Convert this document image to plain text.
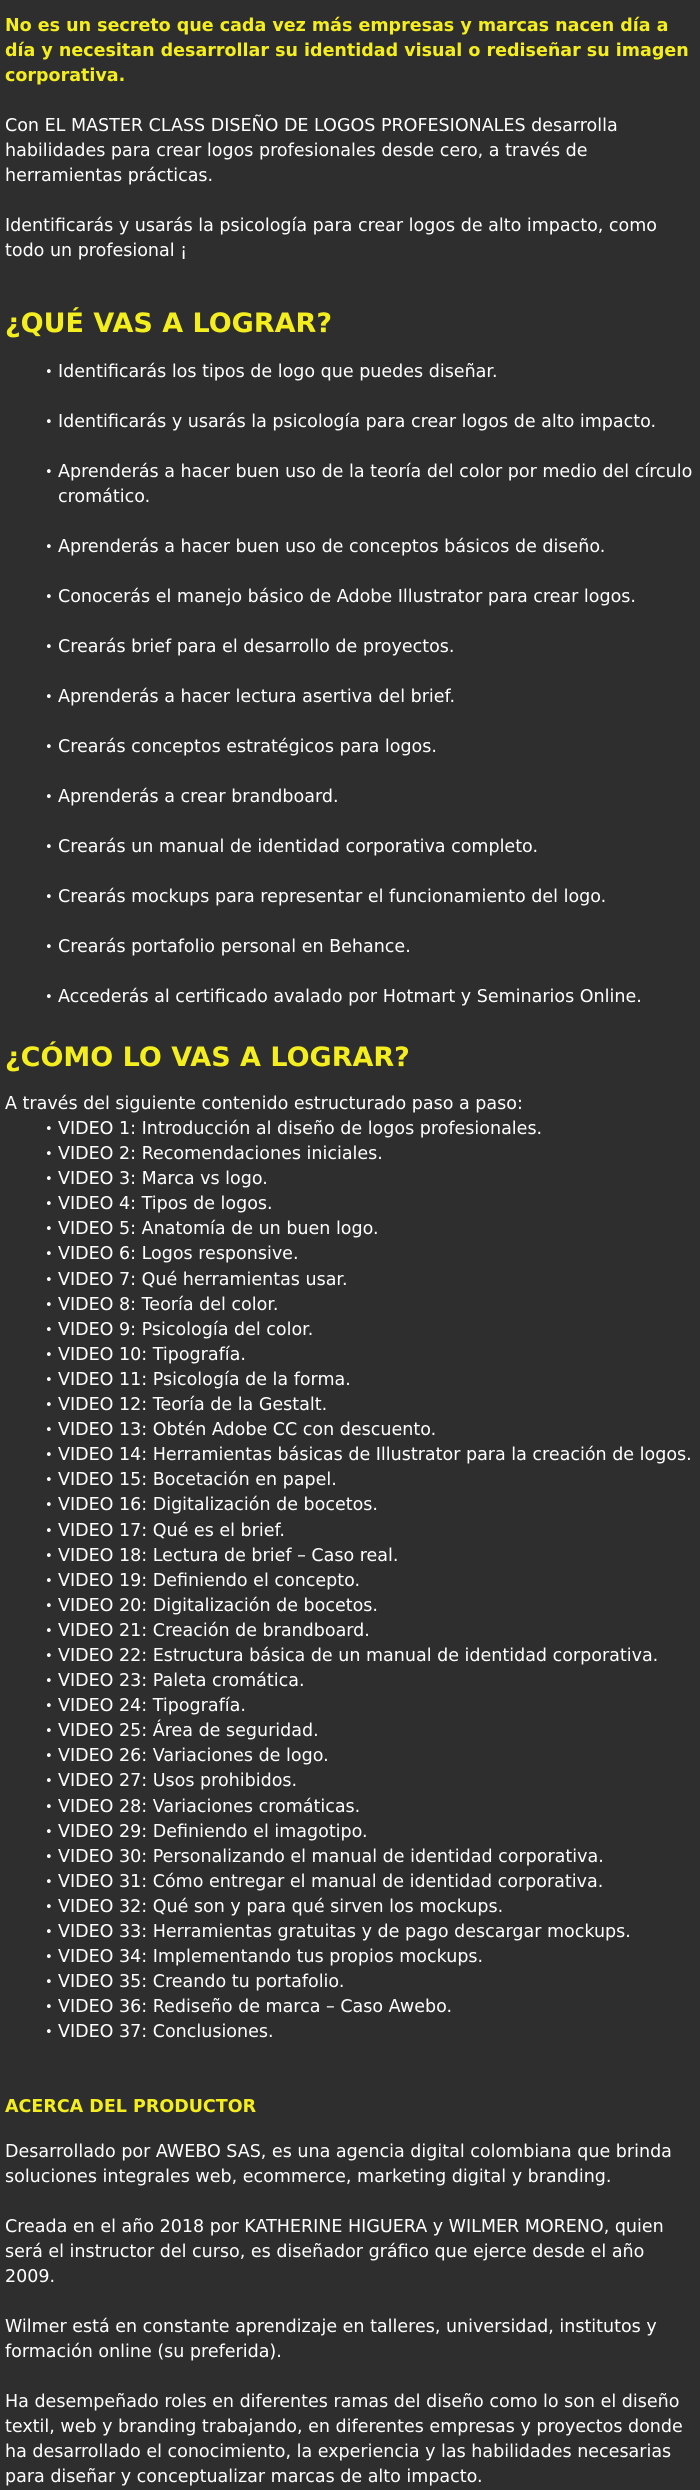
No es un secreto que cada vez más empresas y marcas nacen día a día y necesitan desarrollar su identidad visual o rediseñar su imagen corporativa.

Con EL MASTER CLASS DISEÑO DE LOGOS PROFESIONALES desarrolla habilidades para crear logos profesionales desde cero, a través de herramientas prácticas.

Identificarás y usarás la psicología para crear logos de alto impacto, como todo un profesional ¡

¿QUÉ VAS A LOGRAR?
• Identificarás los tipos de logo que puedes diseñar.
• Identificarás y usarás la psicología para crear logos de alto impacto.
• Aprenderás a hacer buen uso de la teoría del color por medio del círculo cromático.
• Aprenderás a hacer buen uso de conceptos básicos de diseño.
• Conocerás el manejo básico de Adobe Illustrator para crear logos.
• Crearás brief para el desarrollo de proyectos.
• Aprenderás a hacer lectura asertiva del brief.
• Crearás conceptos estratégicos para logos.
• Aprenderás a crear brandboard.
• Crearás un manual de identidad corporativa completo.
• Crearás mockups para representar el funcionamiento del logo.
• Crearás portafolio personal en Behance.
• Accederás al certificado avalado por Hotmart y Seminarios Online.
¿CÓMO LO VAS A LOGRAR?

A través del siguiente contenido estructurado paso a paso:

• VIDEO 1: Introducción al diseño de logos profesionales.
• VIDEO 2: Recomendaciones iniciales.
• VIDEO 3: Marca vs logo.
• VIDEO 4: Tipos de logos.
• VIDEO 5: Anatomía de un buen logo.
• VIDEO 6: Logos responsive.
• VIDEO 7: Qué herramientas usar.
• VIDEO 8: Teoría del color.
• VIDEO 9: Psicología del color.
• VIDEO 10: Tipografía.
• VIDEO 11: Psicología de la forma.
• VIDEO 12: Teoría de la Gestalt.
• VIDEO 13: Obtén Adobe CC con descuento.
• VIDEO 14: Herramientas básicas de Illustrator para la creación de logos.
• VIDEO 15: Bocetación en papel.
• VIDEO 16: Digitalización de bocetos.
• VIDEO 17: Qué es el brief.
• VIDEO 18: Lectura de brief – Caso real.
• VIDEO 19: Definiendo el concepto.
• VIDEO 20: Digitalización de bocetos.
• VIDEO 21: Creación de brandboard.
• VIDEO 22: Estructura básica de un manual de identidad corporativa.
• VIDEO 23: Paleta cromática.
• VIDEO 24: Tipografía.
• VIDEO 25: Área de seguridad.
• VIDEO 26: Variaciones de logo.
• VIDEO 27: Usos prohibidos.
• VIDEO 28: Variaciones cromáticas.
• VIDEO 29: Definiendo el imagotipo.
• VIDEO 30: Personalizando el manual de identidad corporativa.
• VIDEO 31: Cómo entregar el manual de identidad corporativa.
• VIDEO 32: Qué son y para qué sirven los mockups.
• VIDEO 33: Herramientas gratuitas y de pago descargar mockups.
• VIDEO 34: Implementando tus propios mockups.
• VIDEO 35: Creando tu portafolio.
• VIDEO 36: Rediseño de marca – Caso Awebo.
• VIDEO 37: Conclusiones.

ACERCA DEL PRODUCTOR

Desarrollado por AWEBO SAS, es una agencia digital colombiana que brinda soluciones integrales web, ecommerce, marketing digital y branding.

Creada en el año 2018 por KATHERINE HIGUERA y WILMER MORENO, quien será el instructor del curso, es diseñador gráfico que ejerce desde el año 2009.

Wilmer está en constante aprendizaje en talleres, universidad, institutos y formación online (su preferida).

Ha desempeñado roles en diferentes ramas del diseño como lo son el diseño textil, web y branding trabajando, en diferentes empresas y proyectos donde ha desarrollado el conocimiento, la experiencia y las habilidades necesarias para diseñar y conceptualizar marcas de alto impacto.
